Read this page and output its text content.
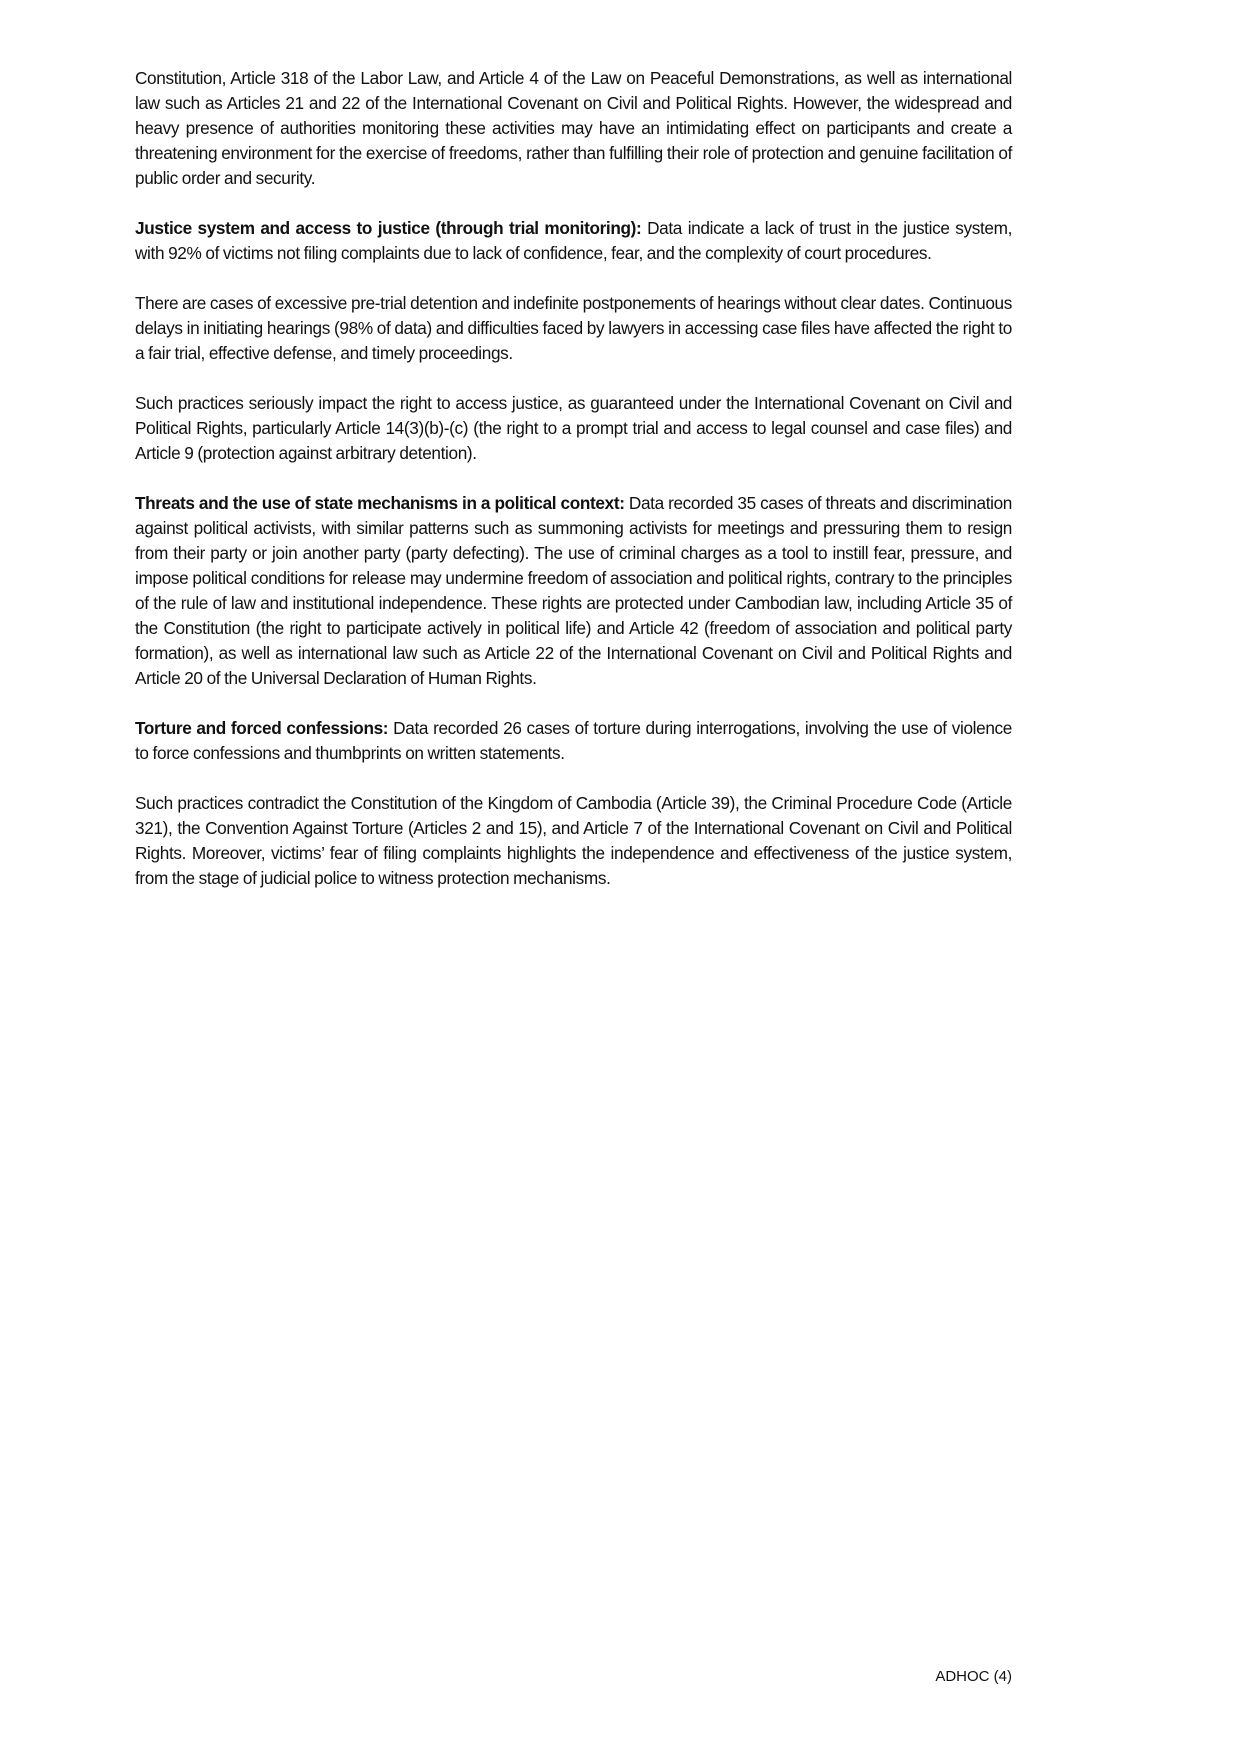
Constitution, Article 318 of the Labor Law, and Article 4 of the Law on Peaceful Demonstrations, as well as international law such as Articles 21 and 22 of the International Covenant on Civil and Political Rights. However, the widespread and heavy presence of authorities monitoring these activities may have an intimidating effect on participants and create a threatening environment for the exercise of freedoms, rather than fulfilling their role of protection and genuine facilitation of public order and security.

Justice system and access to justice (through trial monitoring): Data indicate a lack of trust in the justice system, with 92% of victims not filing complaints due to lack of confidence, fear, and the complexity of court procedures.

There are cases of excessive pre-trial detention and indefinite postponements of hearings without clear dates. Continuous delays in initiating hearings (98% of data) and difficulties faced by lawyers in accessing case files have affected the right to a fair trial, effective defense, and timely proceedings.

Such practices seriously impact the right to access justice, as guaranteed under the International Covenant on Civil and Political Rights, particularly Article 14(3)(b)-(c) (the right to a prompt trial and access to legal counsel and case files) and Article 9 (protection against arbitrary detention).

Threats and the use of state mechanisms in a political context: Data recorded 35 cases of threats and discrimination against political activists, with similar patterns such as summoning activists for meetings and pressuring them to resign from their party or join another party (party defecting). The use of criminal charges as a tool to instill fear, pressure, and impose political conditions for release may undermine freedom of association and political rights, contrary to the principles of the rule of law and institutional independence. These rights are protected under Cambodian law, including Article 35 of the Constitution (the right to participate actively in political life) and Article 42 (freedom of association and political party formation), as well as international law such as Article 22 of the International Covenant on Civil and Political Rights and Article 20 of the Universal Declaration of Human Rights.

Torture and forced confessions: Data recorded 26 cases of torture during interrogations, involving the use of violence to force confessions and thumbprints on written statements.

Such practices contradict the Constitution of the Kingdom of Cambodia (Article 39), the Criminal Procedure Code (Article 321), the Convention Against Torture (Articles 2 and 15), and Article 7 of the International Covenant on Civil and Political Rights. Moreover, victims’ fear of filing complaints highlights the independence and effectiveness of the justice system, from the stage of judicial police to witness protection mechanisms.

ADHOC (4)
